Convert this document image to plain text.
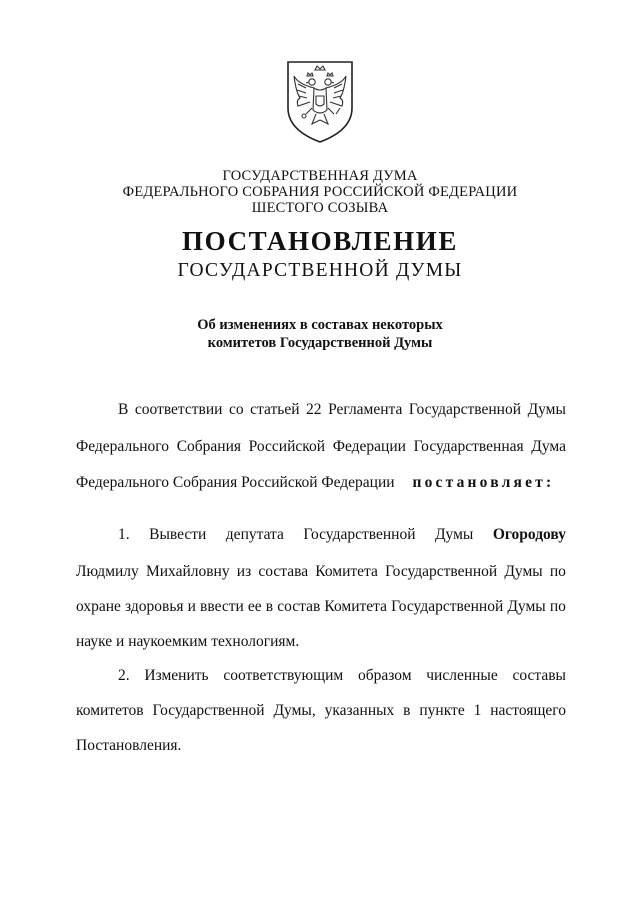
ГОСУДАРСТВЕННАЯ ДУМА
ФЕДЕРАЛЬНОГО СОБРАНИЯ РОССИЙСКОЙ ФЕДЕРАЦИИ
ШЕСТОГО СОЗЫВА
ПОСТАНОВЛЕНИЕ
ГОСУДАРСТВЕННОЙ ДУМЫ
Об изменениях в составах некоторых
комитетов Государственной Думы
В соответствии со статьей 22 Регламента Государственной Думы
Федерального Собрания Российской Федерации Государственная Дума
Федерального Собрания Российской Федерации постановляет:
1. Вывести депутата Государственной Думы Огородову
Людмилу Михайловну из состава Комитета Государственной Думы по
охране здоровья и ввести ее в состав Комитета Государственной Думы по
науке и наукоемким технологиям.
2. Изменить соответствующим образом численные составы
комитетов Государственной Думы, указанных в пункте 1 настоящего
Постановления.
